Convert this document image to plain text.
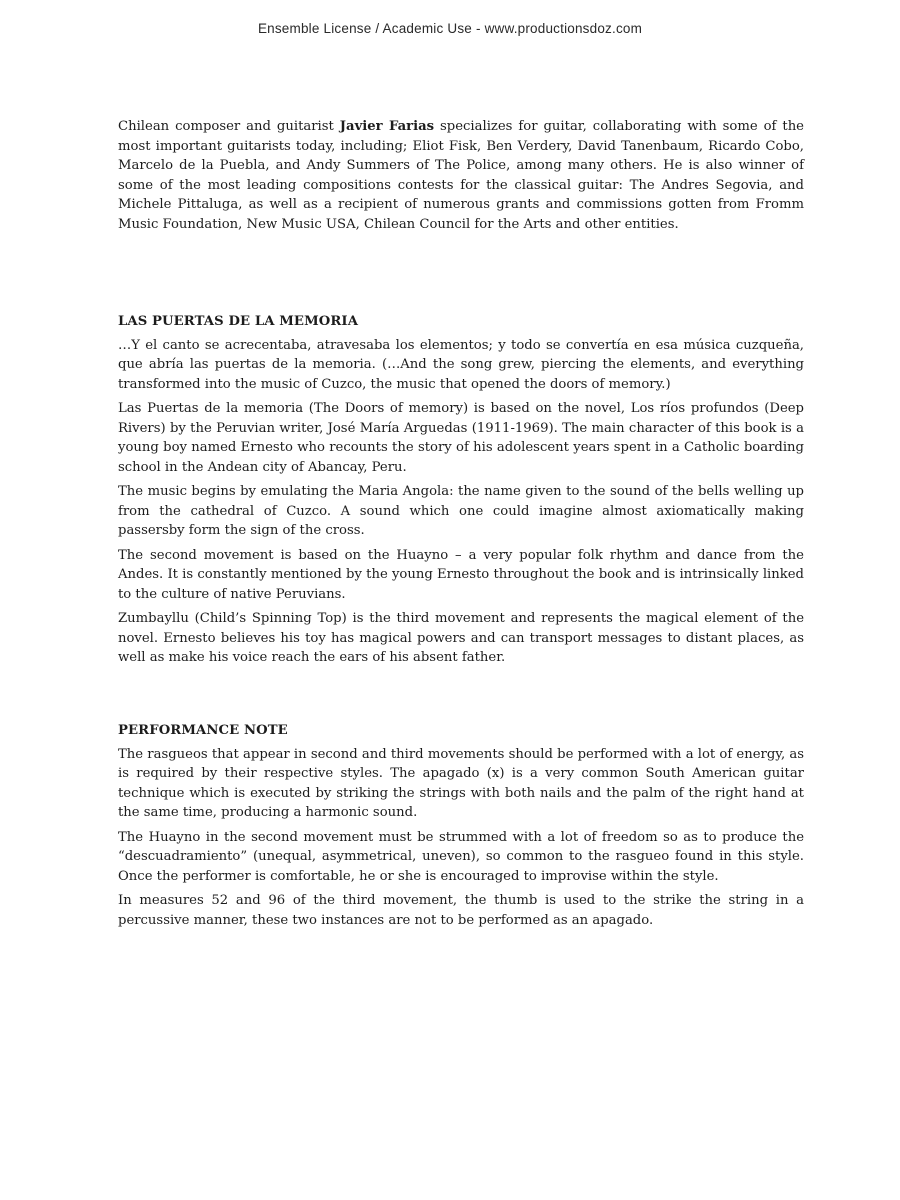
Ensemble License / Academic Use - www.productionsdoz.com

Chilean composer and guitarist Javier Farias specializes for guitar, collaborating with some of the most important guitarists today, including; Eliot Fisk, Ben Verdery, David Tanenbaum, Ricardo Cobo, Marcelo de la Puebla, and Andy Summers of The Police, among many others. He is also winner of some of the most leading compositions contests for the classical guitar: The Andres Segovia, and Michele Pittaluga, as well as a recipient of numerous grants and commissions gotten from Fromm Music Foundation, New Music USA, Chilean Council for the Arts and other entities.

LAS PUERTAS DE LA MEMORIA

…Y el canto se acrecentaba, atravesaba los elementos; y todo se convertía en esa música cuzqueña, que abría las puertas de la memoria. (…And the song grew, piercing the elements, and everything transformed into the music of Cuzco, the music that opened the doors of memory.)

Las Puertas de la memoria (The Doors of memory) is based on the novel, Los ríos profundos (Deep Rivers) by the Peruvian writer, José María Arguedas (1911-1969). The main character of this book is a young boy named Ernesto who recounts the story of his adolescent years spent in a Catholic boarding school in the Andean city of Abancay, Peru.

The music begins by emulating the Maria Angola: the name given to the sound of the bells welling up from the cathedral of Cuzco. A sound which one could imagine almost axiomatically making passersby form the sign of the cross.

The second movement is based on the Huayno – a very popular folk rhythm and dance from the Andes. It is constantly mentioned by the young Ernesto throughout the book and is intrinsically linked to the culture of native Peruvians.

Zumbayllu (Child’s Spinning Top) is the third movement and represents the magical element of the novel. Ernesto believes his toy has magical powers and can transport messages to distant places, as well as make his voice reach the ears of his absent father.

PERFORMANCE NOTE

The rasgueos that appear in second and third movements should be performed with a lot of energy, as is required by their respective styles. The apagado (x) is a very common South American guitar technique which is executed by striking the strings with both nails and the palm of the right hand at the same time, producing a harmonic sound.

The Huayno in the second movement must be strummed with a lot of freedom so as to produce the “descuadramiento” (unequal, asymmetrical, uneven), so common to the rasgueo found in this style. Once the performer is comfortable, he or she is encouraged to improvise within the style.

In measures 52 and 96 of the third movement, the thumb is used to the strike the string in a percussive manner, these two instances are not to be performed as an apagado.
